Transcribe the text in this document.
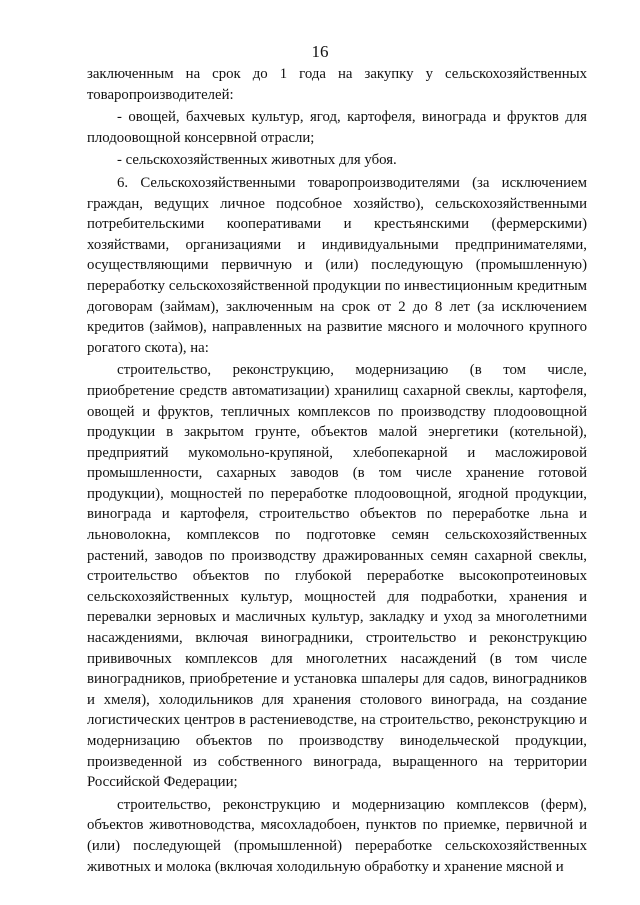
16

заключенным на срок до 1 года на закупку у сельскохозяйственных товаропроизводителей:

- овощей, бахчевых культур, ягод, картофеля, винограда и фруктов для плодоовощной консервной отрасли;

- сельскохозяйственных животных для убоя.

6. Сельскохозяйственными товаропроизводителями (за исключением граждан, ведущих личное подсобное хозяйство), сельскохозяйственными потребительскими кооперативами и крестьянскими (фермерскими) хозяйствами, организациями и индивидуальными предпринимателями, осуществляющими первичную и (или) последующую (промышленную) переработку сельскохозяйственной продукции по инвестиционным кредитным договорам (займам), заключенным на срок от 2 до 8 лет (за исключением кредитов (займов), направленных на развитие мясного и молочного крупного рогатого скота), на:

строительство, реконструкцию, модернизацию (в том числе, приобретение средств автоматизации) хранилищ сахарной свеклы, картофеля, овощей и фруктов, тепличных комплексов по производству плодоовощной продукции в закрытом грунте, объектов малой энергетики (котельной), предприятий мукомольно-крупяной, хлебопекарной и масложировой промышленности, сахарных заводов (в том числе хранение готовой продукции), мощностей по переработке плодоовощной, ягодной продукции, винограда и картофеля, строительство объектов по переработке льна и льноволокна, комплексов по подготовке семян сельскохозяйственных растений, заводов по производству дражированных семян сахарной свеклы, строительство объектов по глубокой переработке высокопротеиновых сельскохозяйственных культур, мощностей для подработки, хранения и перевалки зерновых и масличных культур, закладку и уход за многолетними насаждениями, включая виноградники, строительство и реконструкцию прививочных комплексов для многолетних насаждений (в том числе виноградников, приобретение и установка шпалеры для садов, виноградников и хмеля), холодильников для хранения столового винограда, на создание логистических центров в растениеводстве, на строительство, реконструкцию и модернизацию объектов по производству винодельческой продукции, произведенной из собственного винограда, выращенного на территории Российской Федерации;

строительство, реконструкцию и модернизацию комплексов (ферм), объектов животноводства, мясохладобоен, пунктов по приемке, первичной и (или) последующей (промышленной) переработке сельскохозяйственных животных и молока (включая холодильную обработку и хранение мясной и
